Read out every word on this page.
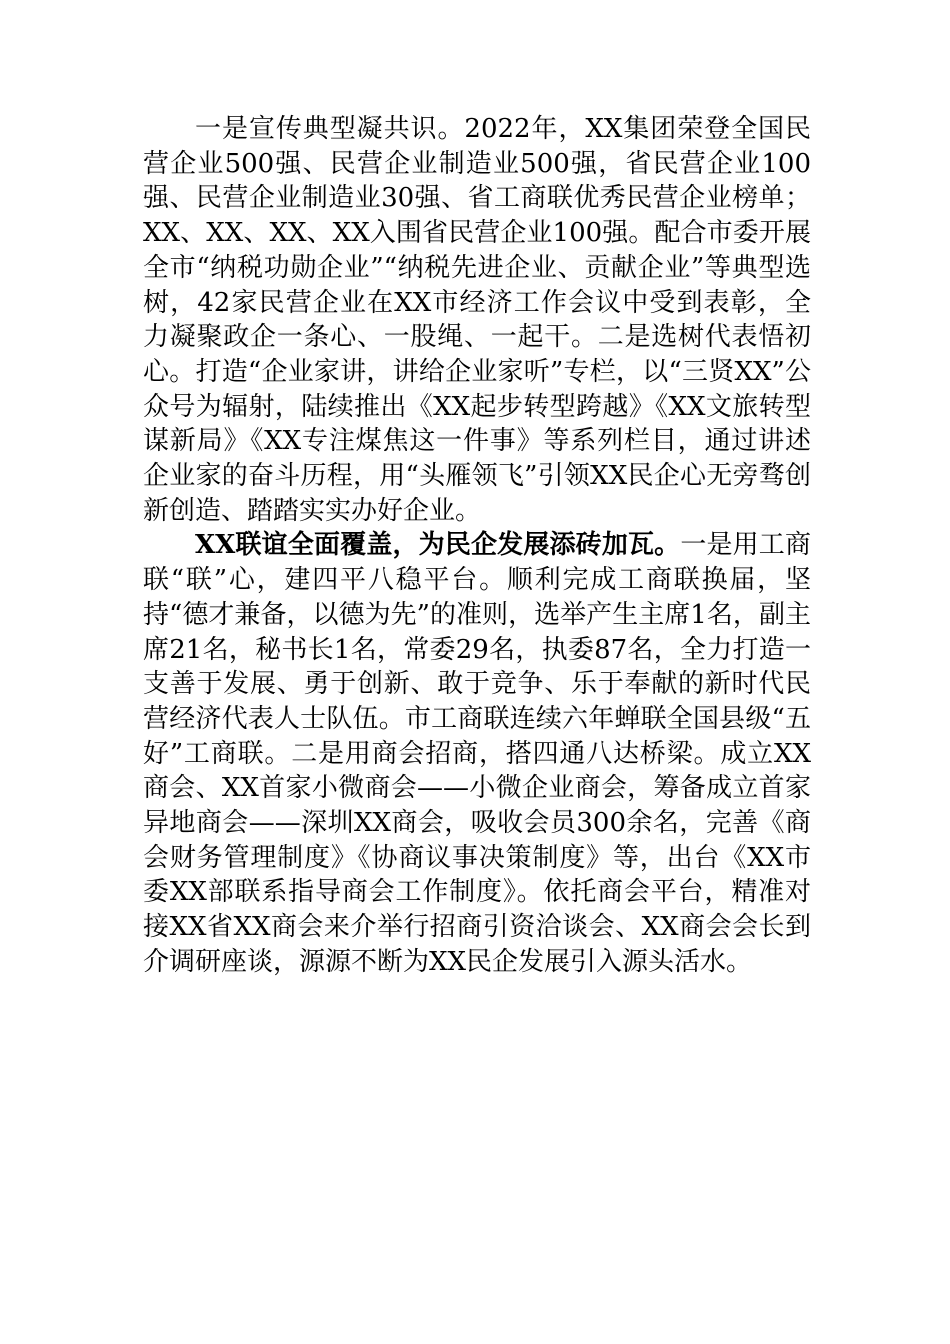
一是宣传典型凝共识。2022年，XX集团荣登全国民营企业500强、民营企业制造业500强，省民营企业100强、民营企业制造业30强、省工商联优秀民营企业榜单；XX、XX、XX、XX入围省民营企业100强。配合市委开展全市“纳税功勋企业”“纳税先进企业、贡献企业”等典型选树，42家民营企业在XX市经济工作会议中受到表彰，全力凝聚政企一条心、一股绳、一起干。二是选树代表悟初心。打造“企业家讲，讲给企业家听”专栏，以“三贤XX”公众号为辐射，陆续推出《XX起步转型跨越》《XX文旅转型谋新局》《XX专注煤焦这一件事》等系列栏目，通过讲述企业家的奋斗历程，用“头雁领飞”引领XX民企心无旁骛创新创造、踏踏实实办好企业。

XX联谊全面覆盖，为民企发展添砖加瓦。一是用工商联“联”心，建四平八稳平台。顺利完成工商联换届，坚持“德才兼备，以德为先”的准则，选举产生主席1名，副主席21名，秘书长1名，常委29名，执委87名，全力打造一支善于发展、勇于创新、敢于竞争、乐于奉献的新时代民营经济代表人士队伍。市工商联连续六年蝉联全国县级“五好”工商联。二是用商会招商，搭四通八达桥梁。成立XX商会、XX首家小微商会——小微企业商会，筹备成立首家异地商会——深圳XX商会，吸收会员300余名，完善《商会财务管理制度》《协商议事决策制度》等，出台《XX市委XX部联系指导商会工作制度》。依托商会平台，精准对接XX省XX商会来介举行招商引资洽谈会、XX商会会长到介调研座谈，源源不断为XX民企发展引入源头活水。
